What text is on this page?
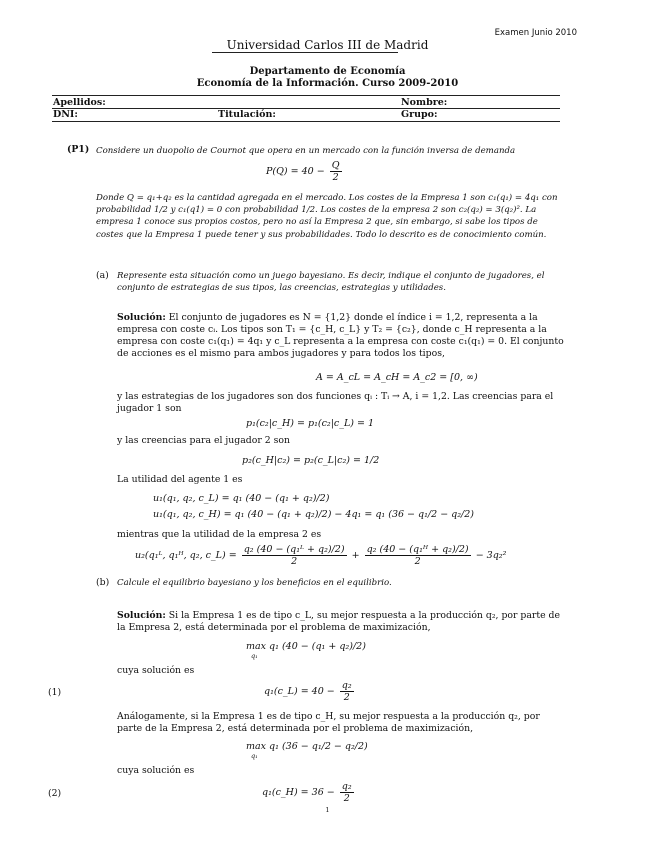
Examen Junio 2010
Universidad Carlos III de Madrid
Departamento de Economía
Economía de la Información. Curso 2009-2010
Apellidos:	Nombre:
DNI:	Titulación:	Grupo:
(P1) Considere un duopolio de Cournot que opera en un mercado con la función inversa de demanda
$P(Q) = 40 - \frac{Q}{2}$
Donde Q = q₁+q₂ es la cantidad agregada en el mercado. Los costes de la Empresa 1 son c₁(q₁) = 4q₁ con probabilidad 1/2 y c₁(q1) = 0 con probabilidad 1/2. Los costes de la empresa 2 son c₂(q₂) = 3(q₂)². La empresa 1 conoce sus propios costos, pero no así la Empresa 2 que, sin embargo, si sabe los tipos de costes que la Empresa 1 puede tener y sus probabilidades. Todo lo descrito es de conocimiento común.
(a) Represente esta situación como un juego bayesiano. Es decir, indique el conjunto de jugadores, el conjunto de estrategias de sus tipos, las creencias, estrategias y utilidades.
Solución: El conjunto de jugadores es N = {1,2} donde el índice i = 1,2, representa a la empresa con coste cᵢ. Los tipos son T₁ = {c_H, c_L} y T₂ = {c₂}, donde c_H representa a la empresa con coste c₁(q₁) = 4q₁ y c_L representa a la empresa con coste c₁(q₁) = 0. El conjunto de acciones es el mismo para ambos jugadores y para todos los tipos,
A = A_cL = A_cH = A_c2 = [0, ∞)
y las estrategias de los jugadores son dos funciones qᵢ : Tᵢ → A, i = 1,2. Las creencias para el jugador 1 son
p₁(c₂|c_H) = p₁(c₂|c_L) = 1
y las creencias para el jugador 2 son
p₂(c_H|c₂) = p₂(c_L|c₂) = 1/2
La utilidad del agente 1 es
u₁(q₁, q₂, c_L) = q₁ (40 − (q₁ + q₂)/2)
u₁(q₁, q₂, c_H) = q₁ (40 − (q₁ + q₂)/2) − 4q₁ = q₁ (36 − q₁/2 − q₂/2)
mientras que la utilidad de la empresa 2 es
u₂(q₁ᴸ, q₁ᴴ, q₂, c_L) = $\frac{\text{q₂ (40 − (q₁ᴸ + q₂)/2)}}{2} + \frac{\text{q₂ (40 − (q₁ᴴ + q₂)/2)}}{2} - 3q_2^2$
(b) Calcule el equilibrio bayesiano y los beneficios en el equilibrio.
Solución: Si la Empresa 1 es de tipo c_L, su mejor respuesta a la producción q₂, por parte de la Empresa 2, está determinada por el problema de maximización,
max q₁ (40 − (q₁ + q₂)/2)
q₁
cuya solución es
(1)	q₁(c_L) = $40 - \frac{\text{q₂}}{2}$
Análogamente, si la Empresa 1 es de tipo c_H, su mejor respuesta a la producción q₂, por parte de la Empresa 2, está determinada por el problema de maximización,
max q₁ (36 − q₁/2 − q₂/2)
q₁
cuya solución es
(2)	q₁(c_H) = $36 - \frac{\text{q₂}}{2}$
1
